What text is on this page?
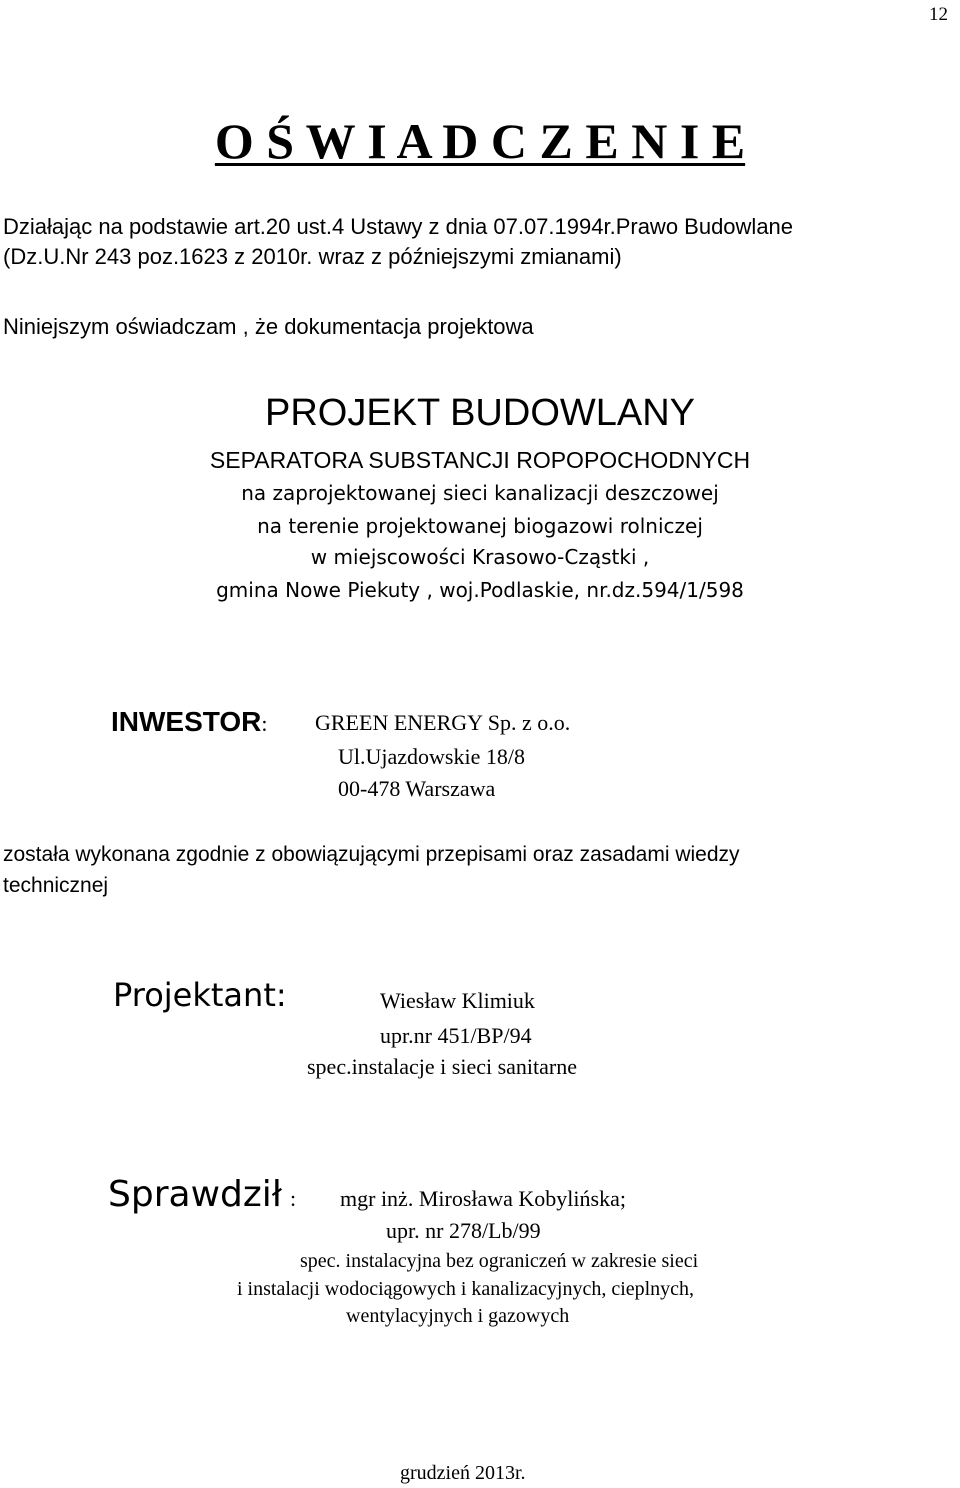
12
O Ś W I A D C Z E N I E
Działając na podstawie art.20 ust.4 Ustawy z dnia 07.07.1994r.Prawo Budowlane
(Dz.U.Nr 243 poz.1623 z 2010r. wraz z późniejszymi zmianami)
Niniejszym oświadczam , że dokumentacja projektowa
PROJEKT BUDOWLANY
SEPARATORA SUBSTANCJI ROPOPOCHODNYCH
na zaprojektowanej sieci kanalizacji deszczowej
na terenie projektowanej biogazowi rolniczej
w miejscowości Krasowo-Cząstki ,
gmina Nowe Piekuty , woj.Podlaskie, nr.dz.594/1/598
INWESTOR: GREEN ENERGY Sp. z o.o.
Ul.Ujazdowskie 18/8
00-478 Warszawa
została wykonana zgodnie z obowiązującymi przepisami oraz zasadami wiedzy
technicznej
Projektant:	Wiesław Klimiuk
upr.nr 451/BP/94
spec.instalacje i sieci sanitarne
Sprawdził : mgr inż. Mirosława Kobylińska;
upr. nr 278/Lb/99
spec. instalacyjna bez ograniczeń w zakresie sieci
i instalacji wodociągowych i kanalizacyjnych, cieplnych,
wentylacyjnych i gazowych
grudzień 2013r.
